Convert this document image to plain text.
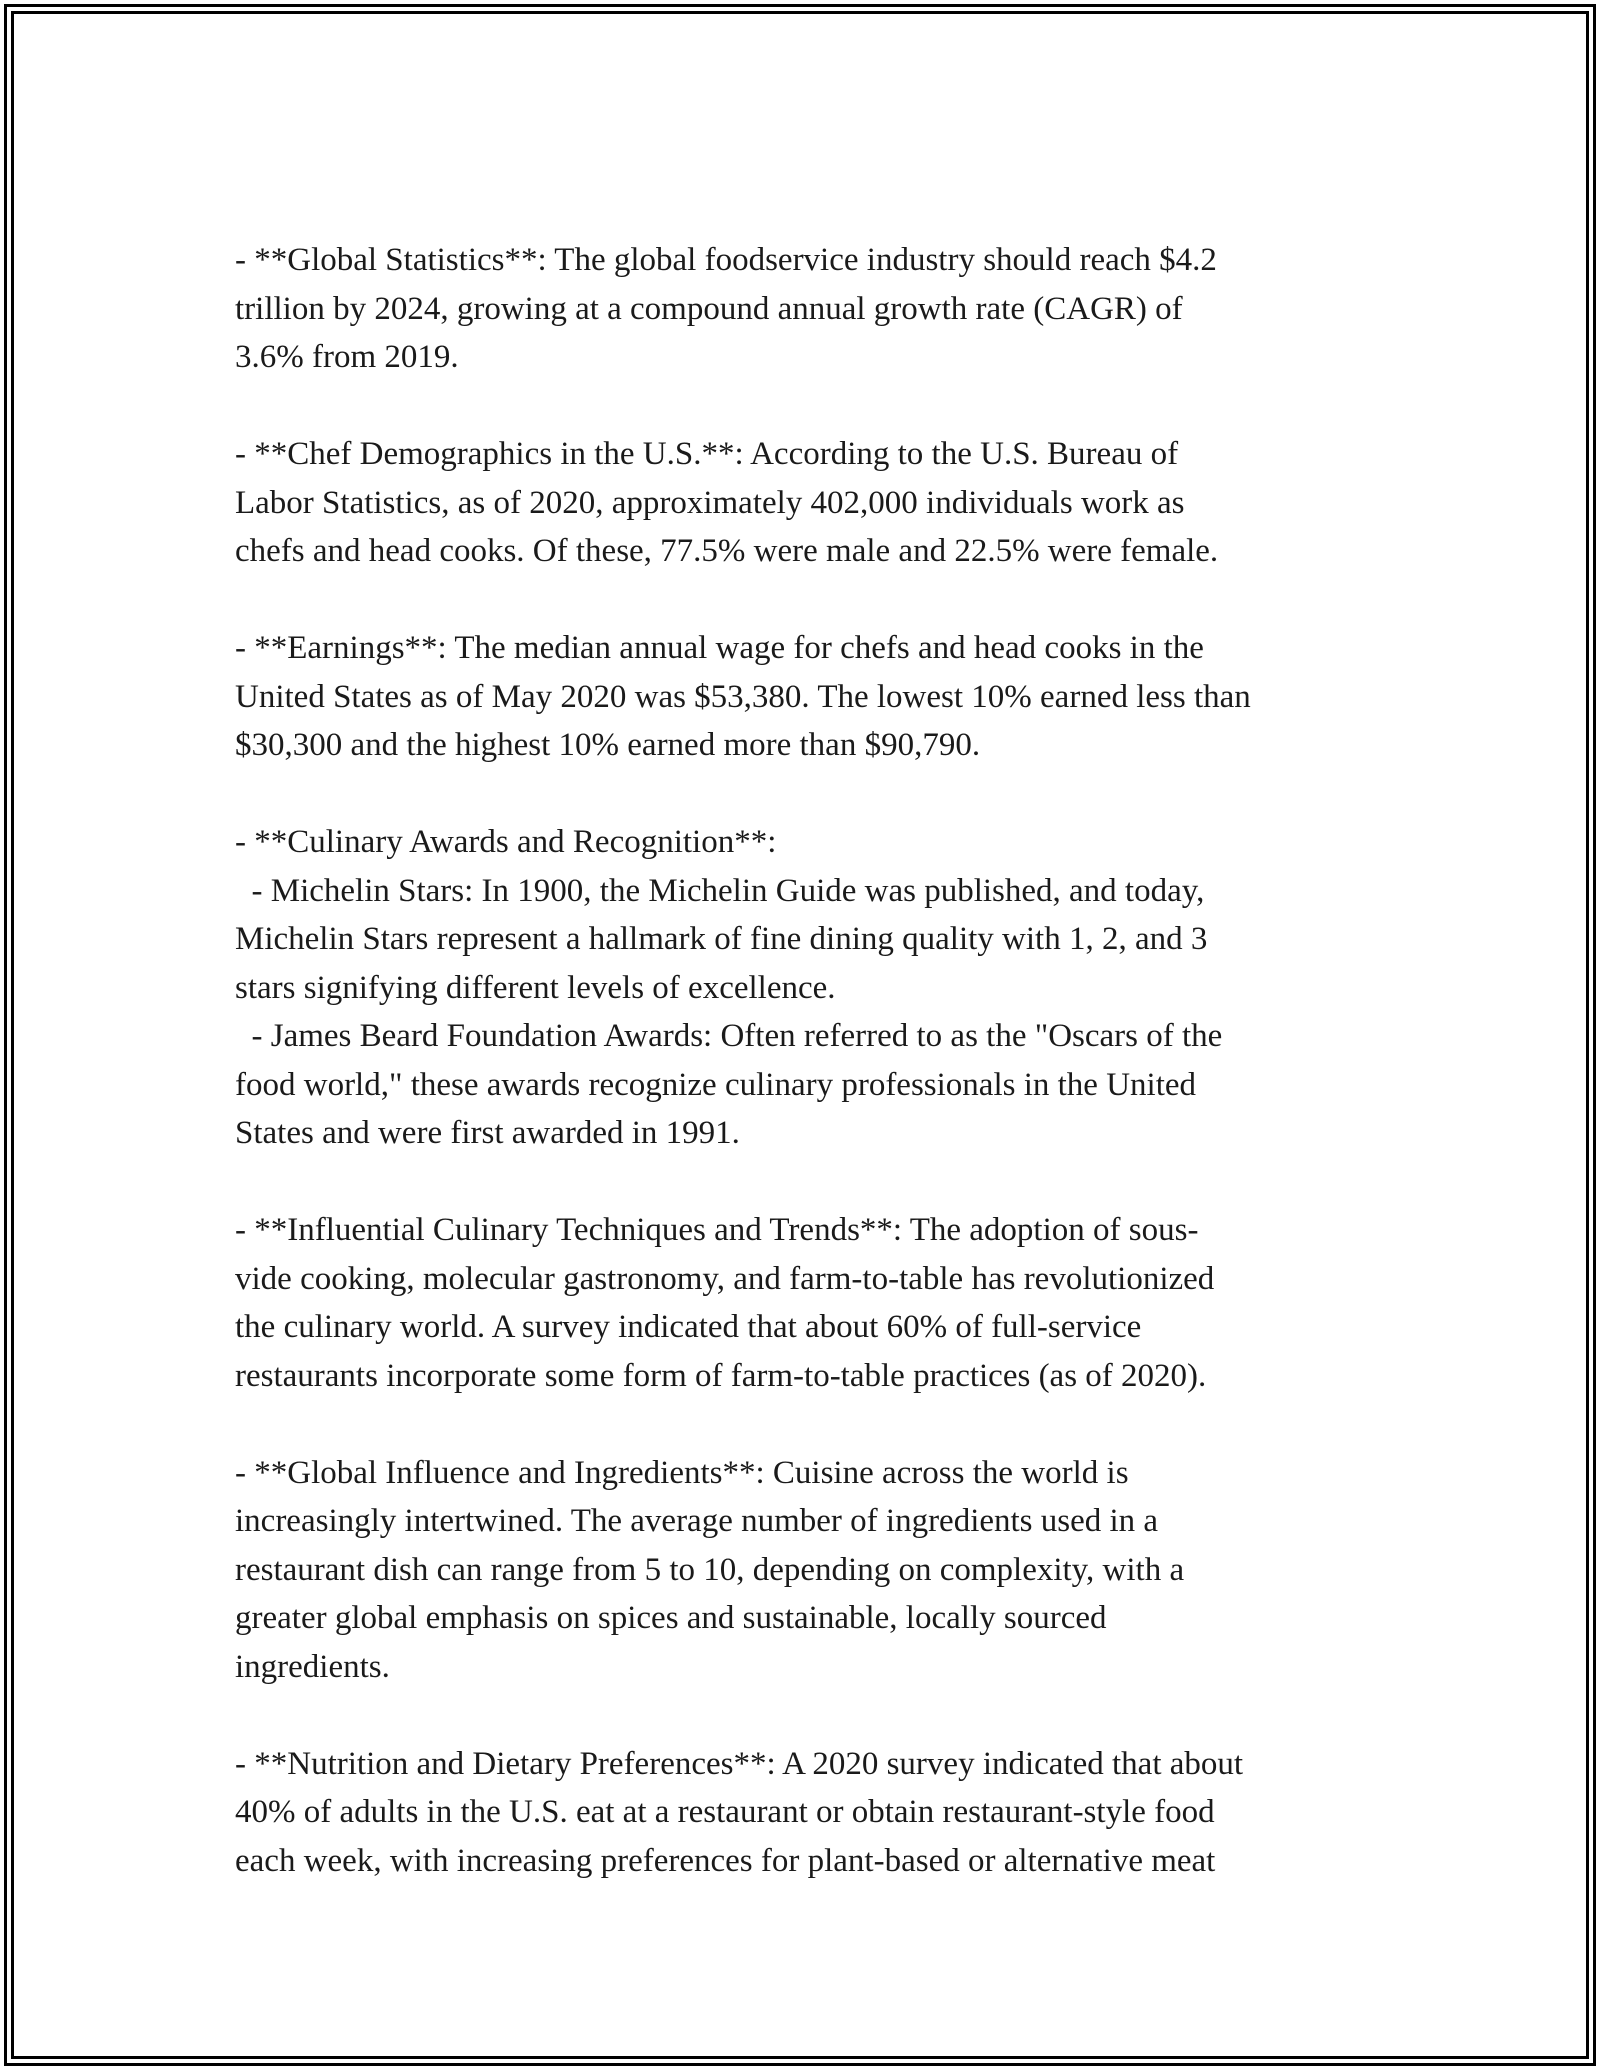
- **Global Statistics**: The global foodservice industry should reach $4.2
trillion by 2024, growing at a compound annual growth rate (CAGR) of
3.6% from 2019.

- **Chef Demographics in the U.S.**: According to the U.S. Bureau of
Labor Statistics, as of 2020, approximately 402,000 individuals work as
chefs and head cooks. Of these, 77.5% were male and 22.5% were female.

- **Earnings**: The median annual wage for chefs and head cooks in the
United States as of May 2020 was $53,380. The lowest 10% earned less than
$30,300 and the highest 10% earned more than $90,790.

- **Culinary Awards and Recognition**:

- Michelin Stars: In 1900, the Michelin Guide was published, and today,
Michelin Stars represent a hallmark of fine dining quality with 1, 2, and 3
stars signifying different levels of excellence.

- James Beard Foundation Awards: Often referred to as the "Oscars of the
food world," these awards recognize culinary professionals in the United
States and were first awarded in 1991.

- **Influential Culinary Techniques and Trends**: The adoption of sous-
vide cooking, molecular gastronomy, and farm-to-table has revolutionized
the culinary world. A survey indicated that about 60% of full-service
restaurants incorporate some form of farm-to-table practices (as of 2020).

- **Global Influence and Ingredients**: Cuisine across the world is
increasingly intertwined. The average number of ingredients used in a
restaurant dish can range from 5 to 10, depending on complexity, with a
greater global emphasis on spices and sustainable, locally sourced
ingredients.

- **Nutrition and Dietary Preferences**: A 2020 survey indicated that about
40% of adults in the U.S. eat at a restaurant or obtain restaurant-style food
each week, with increasing preferences for plant-based or alternative meat
